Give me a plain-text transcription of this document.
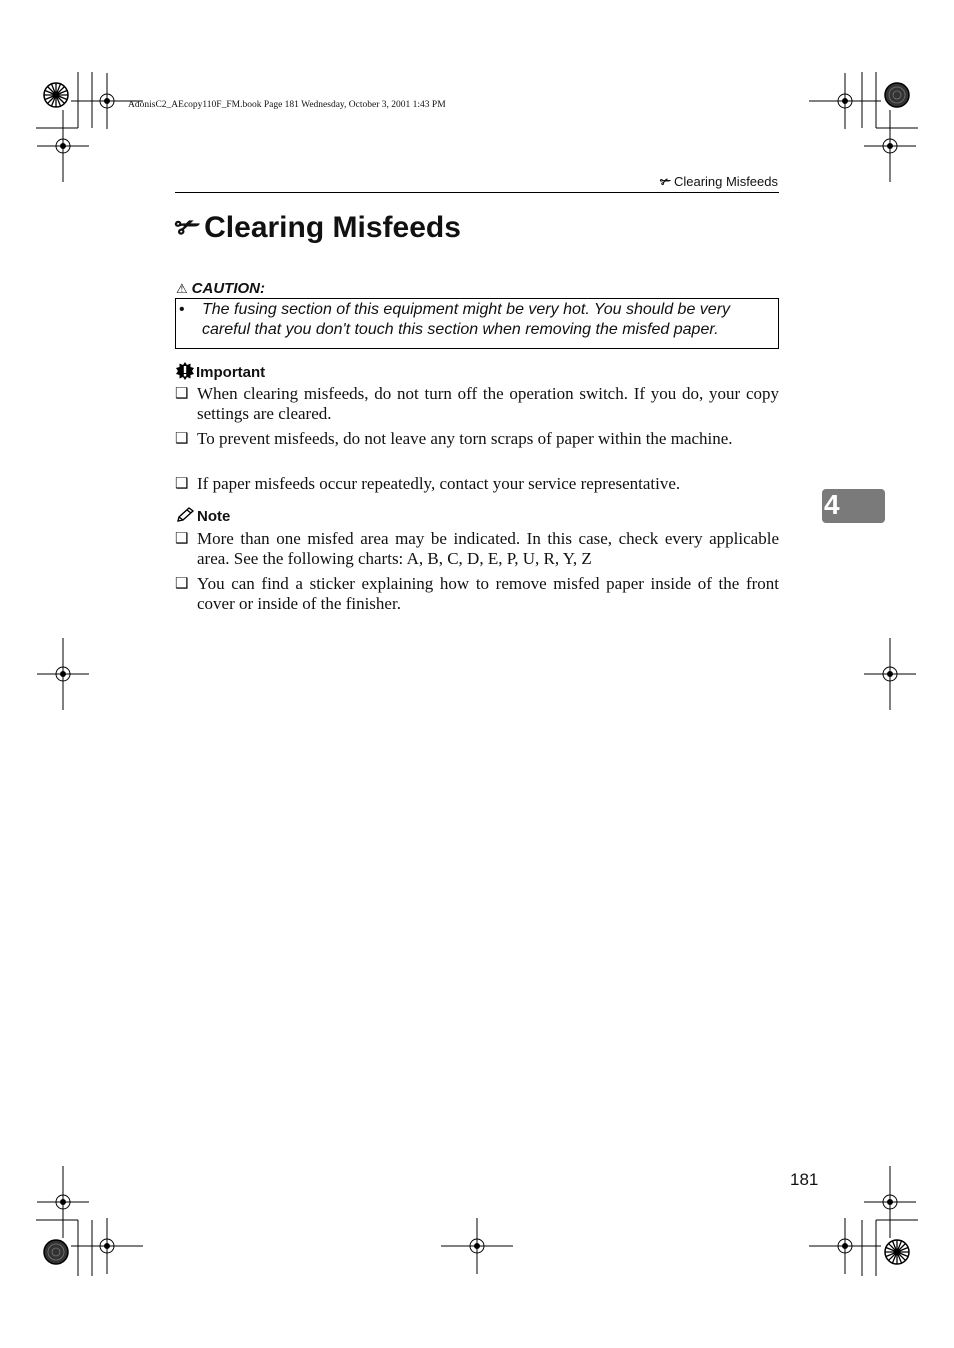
AdonisC2_AEcopy110F_FM.book Page 181 Wednesday, October 3, 2001 1:43 PM
✃ Clearing Misfeeds
✃ Clearing Misfeeds
⚠ CAUTION:
• The fusing section of this equipment might be very hot. You should be very careful that you don't touch this section when removing the misfed paper.
Important
❑ When clearing misfeeds, do not turn off the operation switch. If you do, your copy settings are cleared.
❑ To prevent misfeeds, do not leave any torn scraps of paper within the machine.
❑ If paper misfeeds occur repeatedly, contact your service representative.
Note
❑ More than one misfed area may be indicated. In this case, check every applicable area. See the following charts: A, B, C, D, E, P, U, R, Y, Z
❑ You can find a sticker explaining how to remove misfed paper inside of the front cover or inside of the finisher.
4
181
